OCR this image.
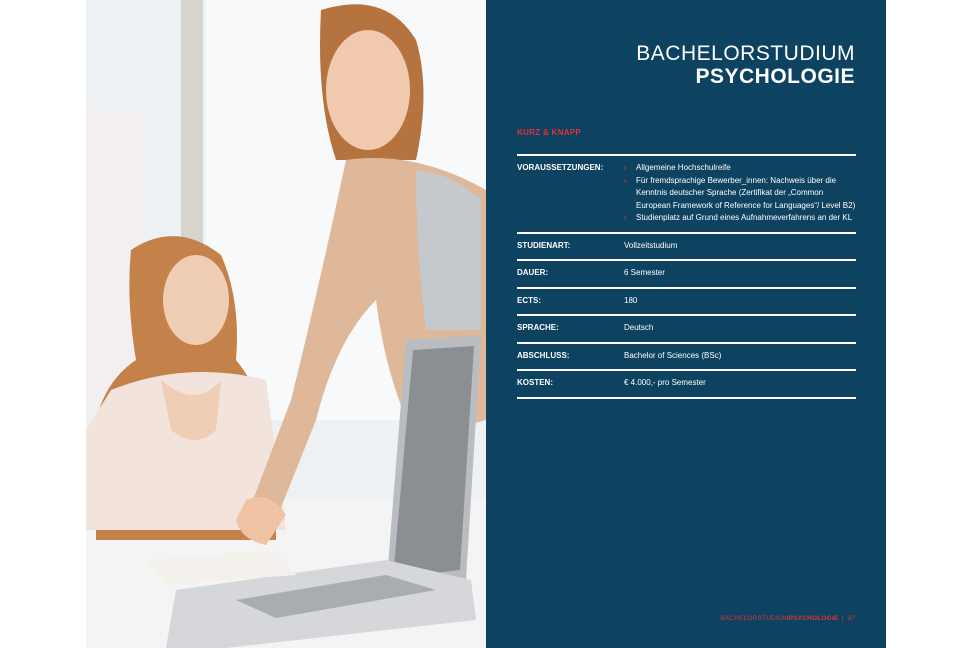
BACHELORSTUDIUM
PSYCHOLOGIE
KURZ & KNAPP
VORAUSSETZUNGEN:	›	Allgemeine Hochschulreife
›	Für fremdsprachige Bewerber_innen: Nachweis über die Kenntnis deutscher Sprache (Zertifikat der „Common European Framework of Reference for Languages“/ Level B2)
›	Studienplatz auf Grund eines Aufnahmeverfahrens an der KL
STUDIENART:	Vollzeitstudium
DAUER:	6 Semester
ECTS:	180
SPRACHE:	Deutsch
ABSCHLUSS:	Bachelor of Sciences (BSc)
KOSTEN:	€ 4.000,- pro Semester
BACHELORSTUDIUMPSYCHOLOGIE | 37
